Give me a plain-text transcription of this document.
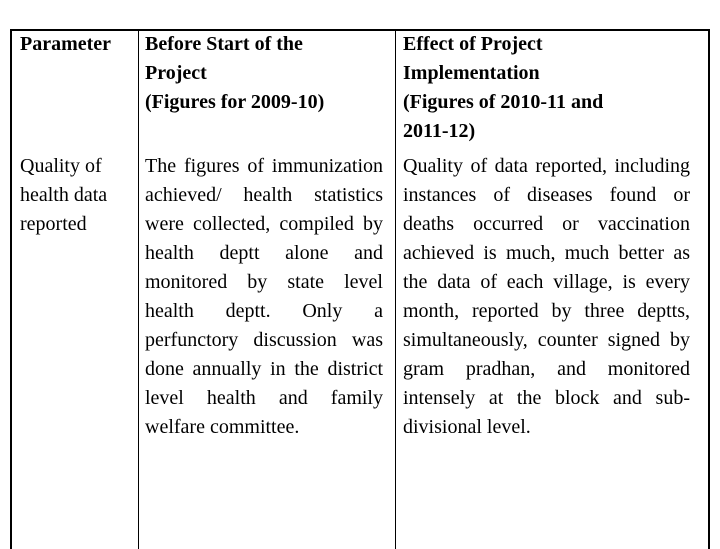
Parameter	Before Start of the
Project
(Figures for 2009-10)

Effect of Project
Implementation
(Figures of 2010-11 and
2011-12)

Quality of
health data
reported

The figures of immunization achieved/ health statistics were collected, compiled by health deptt alone and monitored by state level health deptt. Only a perfunctory discussion was done annually in the district level health and family welfare committee.

Quality of data reported, including instances of diseases found or deaths occurred or vaccination achieved is much, much better as the data of each village, is every month, reported by three deptts, simultaneously, counter signed by gram pradhan, and monitored intensely at the block and sub-divisional level.
